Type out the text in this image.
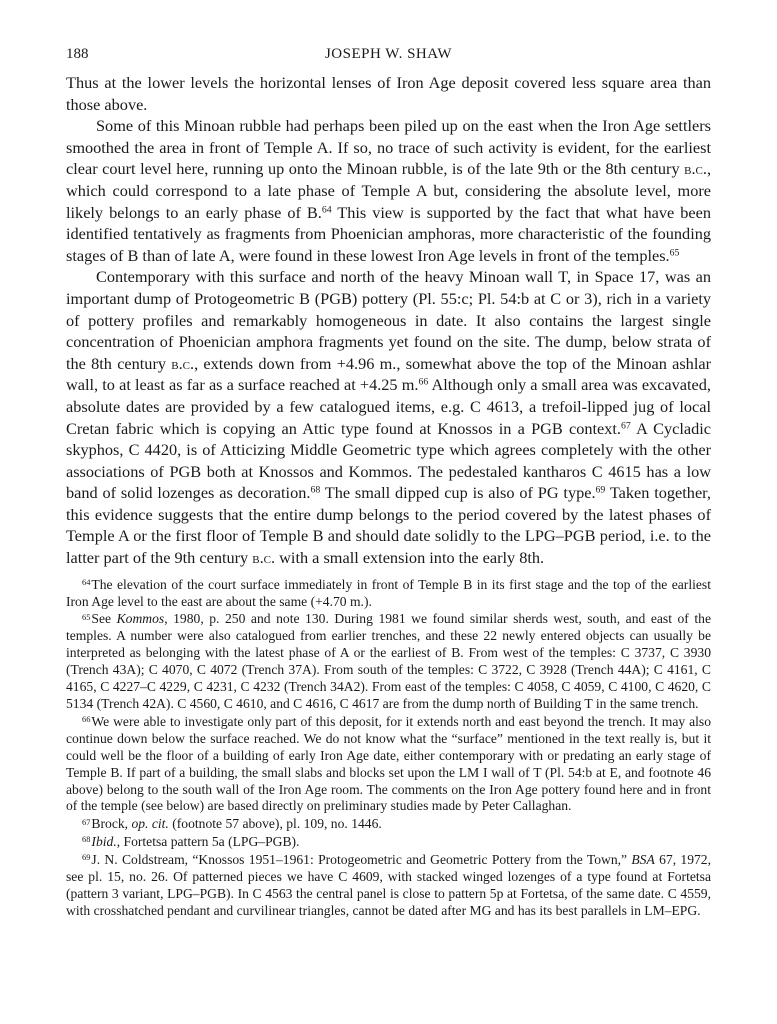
188	JOSEPH W. SHAW

Thus at the lower levels the horizontal lenses of Iron Age deposit covered less square area than those above.

Some of this Minoan rubble had perhaps been piled up on the east when the Iron Age settlers smoothed the area in front of Temple A. If so, no trace of such activity is evident, for the earliest clear court level here, running up onto the Minoan rubble, is of the late 9th or the 8th century b.c., which could correspond to a late phase of Temple A but, considering the absolute level, more likely belongs to an early phase of B.$^{64}$ This view is supported by the fact that what have been identified tentatively as fragments from Phoenician amphoras, more characteristic of the founding stages of B than of late A, were found in these lowest Iron Age levels in front of the temples.$^{65}$

Contemporary with this surface and north of the heavy Minoan wall T, in Space 17, was an important dump of Protogeometric B (PGB) pottery (Pl. 55:c; Pl. 54:b at C or 3), rich in a variety of pottery profiles and remarkably homogeneous in date. It also contains the largest single concentration of Phoenician amphora fragments yet found on the site. The dump, below strata of the 8th century b.c., extends down from +4.96 m., somewhat above the top of the Minoan ashlar wall, to at least as far as a surface reached at +4.25 m.$^{66}$ Although only a small area was excavated, absolute dates are provided by a few catalogued items, e.g. C 4613, a trefoil-lipped jug of local Cretan fabric which is copying an Attic type found at Knossos in a PGB context.$^{67}$ A Cycladic skyphos, C 4420, is of Atticizing Middle Geometric type which agrees completely with the other associations of PGB both at Knossos and Kommos. The pedestaled kantharos C 4615 has a low band of solid lozenges as decoration.$^{68}$ The small dipped cup is also of PG type.$^{69}$ Taken together, this evidence suggests that the entire dump belongs to the period covered by the latest phases of Temple A or the first floor of Temple B and should date solidly to the LPG–PGB period, i.e. to the latter part of the 9th century b.c. with a small extension into the early 8th.

$^{64}$The elevation of the court surface immediately in front of Temple B in its first stage and the top of the earliest Iron Age level to the east are about the same (+4.70 m.).

$^{65}$See Kommos, 1980, p. 250 and note 130. During 1981 we found similar sherds west, south, and east of the temples. A number were also catalogued from earlier trenches, and these 22 newly entered objects can usually be interpreted as belonging with the latest phase of A or the earliest of B. From west of the temples: C 3737, C 3930 (Trench 43A); C 4070, C 4072 (Trench 37A). From south of the temples: C 3722, C 3928 (Trench 44A); C 4161, C 4165, C 4227–C 4229, C 4231, C 4232 (Trench 34A2). From east of the temples: C 4058, C 4059, C 4100, C 4620, C 5134 (Trench 42A). C 4560, C 4610, and C 4616, C 4617 are from the dump north of Building T in the same trench.

$^{66}$We were able to investigate only part of this deposit, for it extends north and east beyond the trench. It may also continue down below the surface reached. We do not know what the “surface” mentioned in the text really is, but it could well be the floor of a building of early Iron Age date, either contemporary with or predating an early stage of Temple B. If part of a building, the small slabs and blocks set upon the LM I wall of T (Pl. 54:b at E, and footnote 46 above) belong to the south wall of the Iron Age room. The comments on the Iron Age pottery found here and in front of the temple (see below) are based directly on preliminary studies made by Peter Callaghan.

$^{67}$Brock, op. cit. (footnote 57 above), pl. 109, no. 1446.

$^{68}$Ibid., Fortetsa pattern 5a (LPG–PGB).

$^{69}$J. N. Coldstream, “Knossos 1951–1961: Protogeometric and Geometric Pottery from the Town,” BSA 67, 1972, see pl. 15, no. 26. Of patterned pieces we have C 4609, with stacked winged lozenges of a type found at Fortetsa (pattern 3 variant, LPG–PGB). In C 4563 the central panel is close to pattern 5p at Fortetsa, of the same date. C 4559, with crosshatched pendant and curvilinear triangles, cannot be dated after MG and has its best parallels in LM–EPG.
